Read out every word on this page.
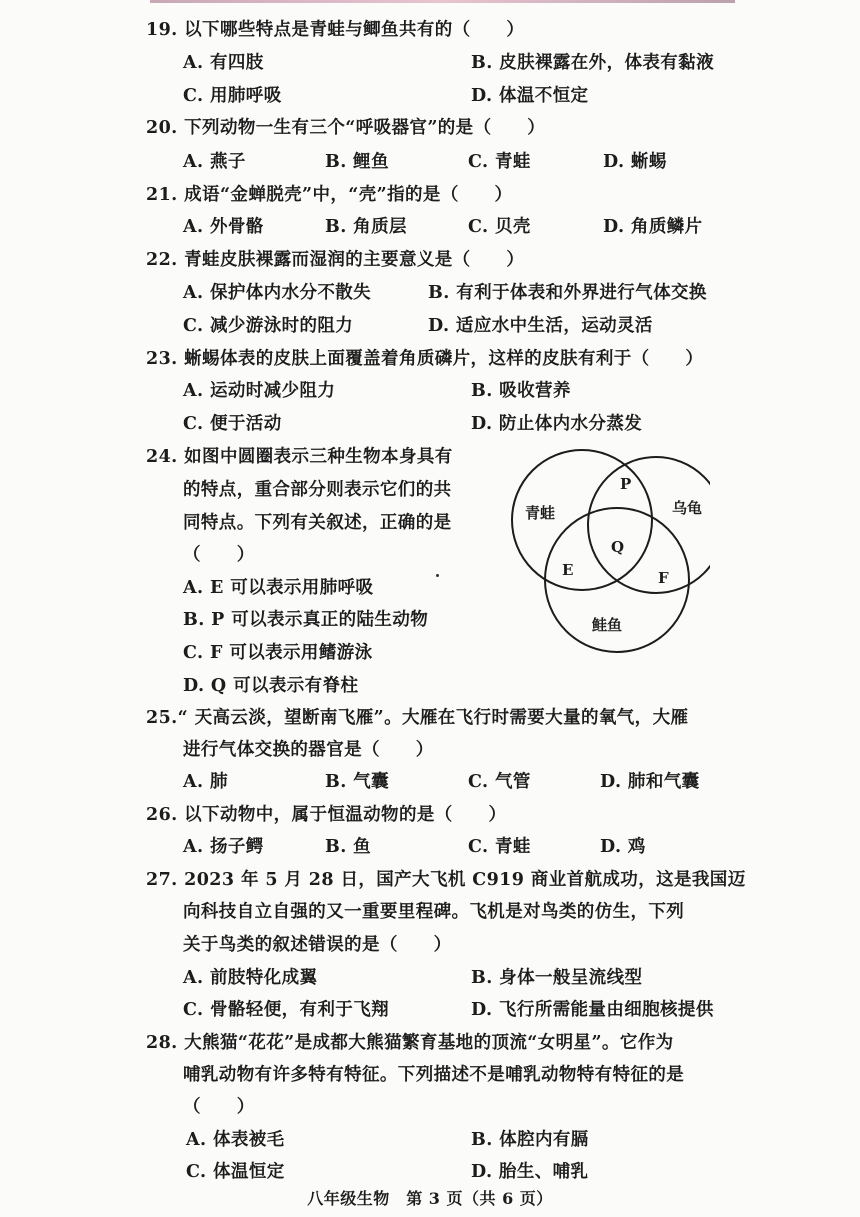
19. 以下哪些特点是青蛙与鲫鱼共有的（　　）
A. 有四肢	B. 皮肤裸露在外，体表有黏液
C. 用肺呼吸	D. 体温不恒定
20. 下列动物一生有三个“呼吸器官”的是（　　）
A. 燕子	B. 鲤鱼	C. 青蛙	D. 蜥蜴
21. 成语“金蝉脱壳”中，“壳”指的是（　　）
A. 外骨骼	B. 角质层	C. 贝壳	D. 角质鳞片
22. 青蛙皮肤裸露而湿润的主要意义是（　　）
A. 保护体内水分不散失	B. 有利于体表和外界进行气体交换
C. 减少游泳时的阻力	D. 适应水中生活，运动灵活
23. 蜥蜴体表的皮肤上面覆盖着角质磷片，这样的皮肤有利于（　　）
A. 运动时减少阻力	B. 吸收营养
C. 便于活动	D. 防止体内水分蒸发
24. 如图中圆圈表示三种生物本身具有
的特点，重合部分则表示它们的共
同特点。下列有关叙述，正确的是
（　　）
A. E 可以表示用肺呼吸
B. P 可以表示真正的陆生动物
C. F 可以表示用鳍游泳
D. Q 可以表示有脊柱
青蛙	乌龟
鲑鱼
P
Q
E	F
25.“ 天高云淡，望断南飞雁”。大雁在飞行时需要大量的氧气，大雁
进行气体交换的器官是（　　）
A. 肺	B. 气囊	C. 气管	D. 肺和气囊
26. 以下动物中，属于恒温动物的是（　　）
A. 扬子鳄	B. 鱼	C. 青蛙	D. 鸡
27. 2023 年 5 月 28 日，国产大飞机 C919 商业首航成功，这是我国迈
向科技自立自强的又一重要里程碑。飞机是对鸟类的仿生，下列
关于鸟类的叙述错误的是（　　）
A. 前肢特化成翼	B. 身体一般呈流线型
C. 骨骼轻便，有利于飞翔	D. 飞行所需能量由细胞核提供
28. 大熊猫“花花”是成都大熊猫繁育基地的顶流“女明星”。它作为
哺乳动物有许多特有特征。下列描述不是哺乳动物特有特征的是
（　　）
A. 体表被毛	B. 体腔内有膈
C. 体温恒定	D. 胎生、哺乳
八年级生物　第 3 页（共 6 页）
